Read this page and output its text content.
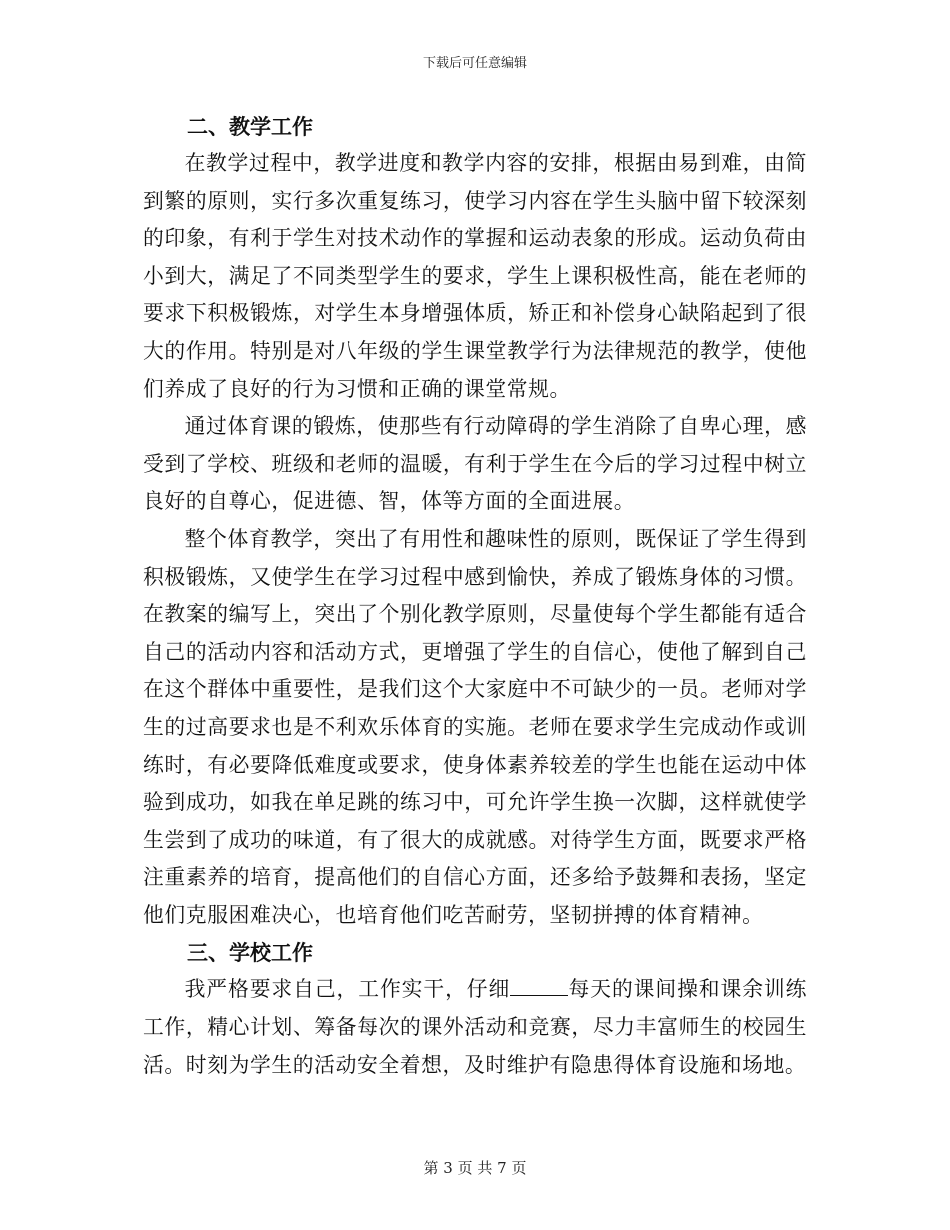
下载后可任意编辑

二、教学工作

在教学过程中，教学进度和教学内容的安排，根据由易到难，由简到繁的原则，实行多次重复练习，使学习内容在学生头脑中留下较深刻的印象，有利于学生对技术动作的掌握和运动表象的形成。运动负荷由小到大，满足了不同类型学生的要求，学生上课积极性高，能在老师的要求下积极锻炼，对学生本身增强体质，矫正和补偿身心缺陷起到了很大的作用。特别是对八年级的学生课堂教学行为法律规范的教学，使他们养成了良好的行为习惯和正确的课堂常规。

通过体育课的锻炼，使那些有行动障碍的学生消除了自卑心理，感受到了学校、班级和老师的温暖，有利于学生在今后的学习过程中树立良好的自尊心，促进德、智，体等方面的全面进展。

整个体育教学，突出了有用性和趣味性的原则，既保证了学生得到积极锻炼，又使学生在学习过程中感到愉快，养成了锻炼身体的习惯。在教案的编写上，突出了个别化教学原则，尽量使每个学生都能有适合自己的活动内容和活动方式，更增强了学生的自信心，使他了解到自己在这个群体中重要性，是我们这个大家庭中不可缺少的一员。老师对学生的过高要求也是不利欢乐体育的实施。老师在要求学生完成动作或训练时，有必要降低难度或要求，使身体素养较差的学生也能在运动中体验到成功，如我在单足跳的练习中，可允许学生换一次脚，这样就使学生尝到了成功的味道，有了很大的成就感。对待学生方面，既要求严格注重素养的培育，提高他们的自信心方面，还多给予鼓舞和表扬，坚定他们克服困难决心，也培育他们吃苦耐劳，坚韧拼搏的体育精神。

三、学校工作

我严格要求自己，工作实干，仔细	每天的课间操和课余训练工作，精心计划、筹备每次的课外活动和竞赛，尽力丰富师生的校园生活。时刻为学生的活动安全着想，及时维护有隐患得体育设施和场地。

第 3 页 共 7 页
